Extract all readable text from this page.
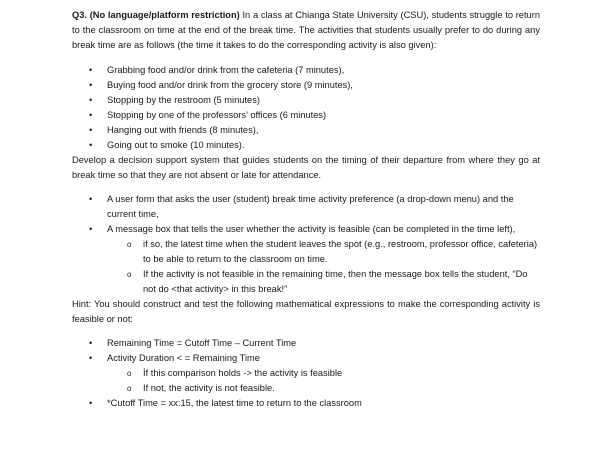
Q3. (No language/platform restriction) In a class at Chianga State University (CSU), students struggle to return to the classroom on time at the end of the break time. The activities that students usually prefer to do during any break time are as follows (the time it takes to do the corresponding activity is also given):

• Grabbing food and/or drink from the cafeteria (7 minutes),
• Buying food and/or drink from the grocery store (9 minutes),
• Stopping by the restroom (5 minutes)
• Stopping by one of the professors’ offices (6 minutes)
• Hanging out with friends (8 minutes),
• Going out to smoke (10 minutes).

Develop a decision support system that guides students on the timing of their departure from where they go at break time so that they are not absent or late for attendance.

• A user form that asks the user (student) break time activity preference (a drop-down menu) and the current time,
• A message box that tells the user whether the activity is feasible (can be completed in the time left),
o if so, the latest time when the student leaves the spot (e.g., restroom, professor office, cafeteria) to be able to return to the classroom on time.
o If the activity is not feasible in the remaining time, then the message box tells the student, “Do not do <that activity> in this break!”

Hint: You should construct and test the following mathematical expressions to make the corresponding activity is feasible or not:

• Remaining Time = Cutoff Time – Current Time
• Activity Duration < = Remaining Time
o İf this comparison holds -> the activity is feasible
o If not, the activity is not feasible.
• *Cutoff Time = xx:15, the latest time to return to the classroom
